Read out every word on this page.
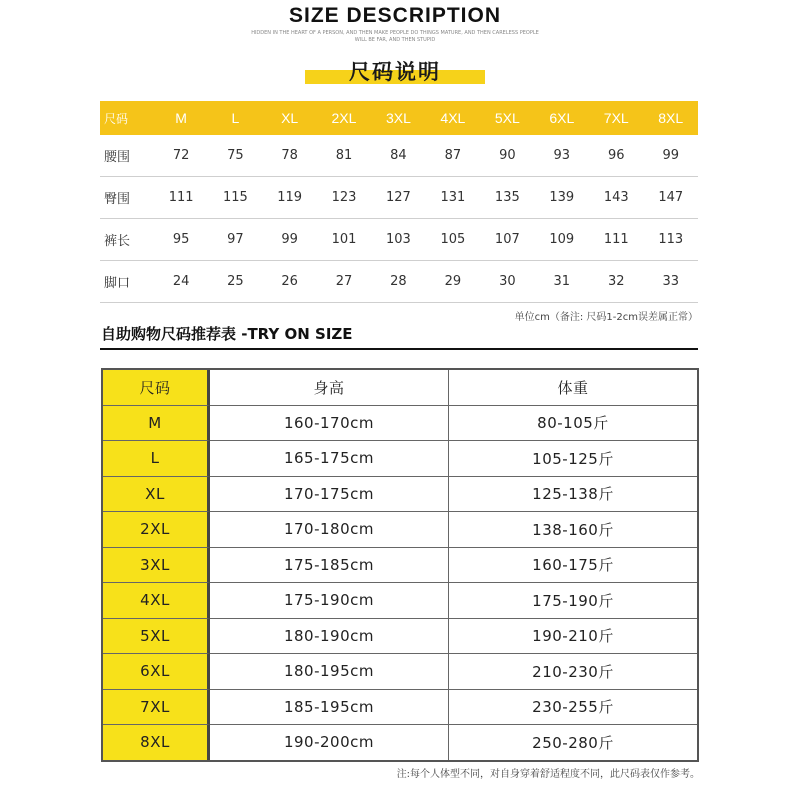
SIZE DESCRIPTION
HIDDEN IN THE HEART OF A PERSON, AND THEN MAKE PEOPLE DO THINGS MATURE, AND THEN CARELESS PEOPLE WILL BE FAR, AND THEN STUPID
尺码说明
尺码	M	L	XL	2XL	3XL	4XL	5XL	6XL	7XL	8XL
腰围	72	75	78	81	84	87	90	93	96	99
臀围	111	115	119	123	127	131	135	139	143	147
裤长	95	97	99	101	103	105	107	109	111	113
脚口	24	25	26	27	28	29	30	31	32	33
单位cm（备注: 尺码1-2cm误差属正常）
自助购物尺码推荐表 -TRY ON SIZE
尺码	身高	体重
M	160-170cm	80-105斤
L	165-175cm	105-125斤
XL	170-175cm	125-138斤
2XL	170-180cm	138-160斤
3XL	175-185cm	160-175斤
4XL	175-190cm	175-190斤
5XL	180-190cm	190-210斤
6XL	180-195cm	210-230斤
7XL	185-195cm	230-255斤
8XL	190-200cm	250-280斤
注:每个人体型不同，对自身穿着舒适程度不同，此尺码表仅作参考。
